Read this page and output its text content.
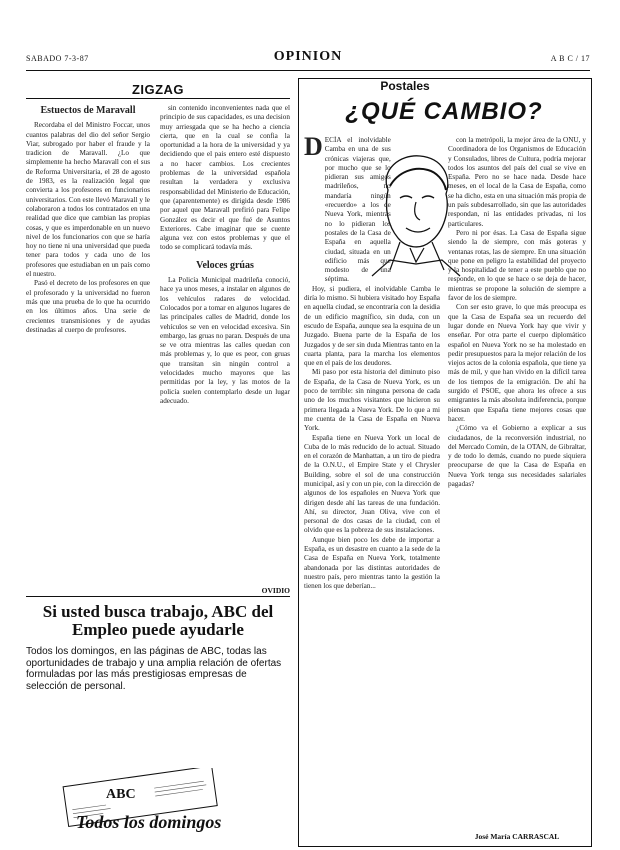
SABADO 7-3-87	OPINION	A B C / 17
ZIGZAG
Estuectos de Maravall

Recordaba el del Ministro Foccar, unos cuantos palabras del dio del señor Sergio Viar, subrogado por haber el fraude y la tradicion de Maravall. ¿Lo que simplemente ha hecho Maravall con el sus de Reforma Universitaria, el 28 de agosto de 1983, es la realización legal que convierta a los profesores en funcionarios universitarios. Con este llevó Maravall y le colaboraron a todos los contratados en una realidad que dice que cambian las propias cosas, y que es imperdonable en un nuevo nivel de los funcionarios con que se haría hoy no tiene ni una universidad que pueda tener para todos y cada uno de los profesores que estudiaban en un país como el nuestro.

Pasó el decreto de los profesores en que el profesorado y la universidad no fueron más que una prueba de lo que ha ocurrido en los últimos años. Una serie de crecientes transmisiones y de ayudas destinadas al cuerpo de profesores.

sin contenido inconvenientes nada que el principio de sus capacidades, es una decision muy arriesgada que se ha hecho a ciencia cierta, que en la cual se confia la oportunidad a la hora de la universidad y ya decidiendo que el pais entero esté dispuesto a no hacer cambios. Los crecientes problemas de la universidad española resultan la verdadera y exclusiva responsabilidad del Ministerio de Educación, que (aparentemente) es dirigida desde 1986 por aquel que Maravall prefirió para Felipe González es decir el que fué de Asuntos Exteriores. Cabe imaginar que se cuente alguna vez con estos problemas y que el todo se complicará todavía más.

Veloces grúas

La Policía Municipal madrileña conoció, hace ya unos meses, a instalar en algunos de los vehículos radares de velocidad. Colocados por a tomar en algunos lugares de las principales calles de Madrid, donde los vehículos se ven en velocidad excesiva. Sin embargo, las gruas no paran. Después de una se ve otra mientras las calles quedan con más problemas y, lo que es peor, con gruas que transitan sin ningún control a velocidades mucho mayores que las permitidas por la ley, y las motos de la policía suelen contemplarlo desde un lugar adecuado.

OVIDIO
Si usted busca trabajo, ABC del Empleo puede ayudarle
Todos los domingos, en las páginas de ABC, todas las oportunidades de trabajo y una amplia relación de ofertas formuladas por las más prestigiosas empresas de selección de personal.
ABC
Todos los domingos
Postales
¿QUÉ CAMBIO?
D ECÍA el inolvidable Camba en una de sus crónicas viajeras que, por mucho que se lo pidieran sus amigos madrileños, no mandaría ningún «recuerdo» a los de Nueva York, mientras no lo pidieran los postales de la Casa de España en aquella ciudad, situada en un edificio más que modesto de una séptima.

Hoy, si pudiera, el inolvidable Camba le diría lo mismo. Si hubiera visitado hoy España en aquella ciudad, se encontraría con la desidia de un edificio magnífico, sin duda, con un escudo de España, aunque sea la esquina de un Juzgado. Buena parte de la España de los Juzgados y de ser sin duda Mientras tanto en la cuarta planta, para la marcha los elementos que en el país de los deudores.

Mi paso por esta historia del diminuto piso de España, de la Casa de Nueva York, es un poco de terrible: sin ninguna persona de cada uno de los muchos visitantes que hicieron su primera llegada a Nueva York. De lo que a mi me cuenta de la Casa de España en Nueva York.

España tiene en Nueva York un local de Cuba de lo más reducido de lo actual. Situado en el corazón de Manhattan, a un tiro de piedra de la O.N.U., el Empire State y el Chrysler Building, sobre el sol de una construcción municipal, así y con un pie, con la dirección de algunos de los españoles en Nueva York que dirigen desde ahí las tareas de una fundación. Ahí, su director, Juan Oliva, vive con el personal de dos casas de la ciudad, con el olvido que es la pobreza de sus instalaciones.

Aunque bien poco les debe de importar a España, es un desastre en cuanto a la sede de la Casa de España en Nueva York, totalmente abandonada por las distintas autoridades de nuestro país, pero mientras tanto la gestión la tienen los que deberían...

con la metrópoli, la mejor área de la ONU, y Coordinadora de los Organismos de Educación y Consulados, libres de Cultura, podría mejorar todos los asuntos del país del cual se vive en España. Pero no se hace nada. Desde hace meses, en el local de la Casa de España, como se ha dicho, esta en una situación más propia de un país subdesarrollado, sin que las autoridades respondan, ni las entidades privadas, ni los particulares.

Pero ni por ésas. La Casa de España sigue siendo la de siempre, con más goteras y ventanas rotas, las de siempre. En una situación que pone en peligro la estabilidad del proyecto y la hospitalidad de tener a este pueblo que no responde, en lo que se hace o se deja de hacer, mientras se propone la solución de siempre a favor de los de siempre.

Con ser esto grave, lo que más preocupa es que la Casa de España sea un recuerdo del lugar donde en Nueva York hay que vivir y enseñar. Por otra parte el cuerpo diplomático español en Nueva York no se ha molestado en pedir presupuestos para la mejor relación de los viejos actos de la colonia española, que tiene ya más de mil, y que han vivido en la difícil tarea de los tiempos de la emigración. De ahí ha surgido el PSOE, que ahora les ofrece a sus emigrantes la más absoluta indiferencia, porque piensan que España tiene mejores cosas que hacer.

¿Cómo va el Gobierno a explicar a sus ciudadanos, de la reconversión industrial, no del Mercado Común, de la OTAN, de Gibraltar, y de todo lo demás, cuando no puede siquiera preocuparse de que la Casa de España en Nueva York tenga sus necesidades salariales pagadas?

José María CARRASCAL
